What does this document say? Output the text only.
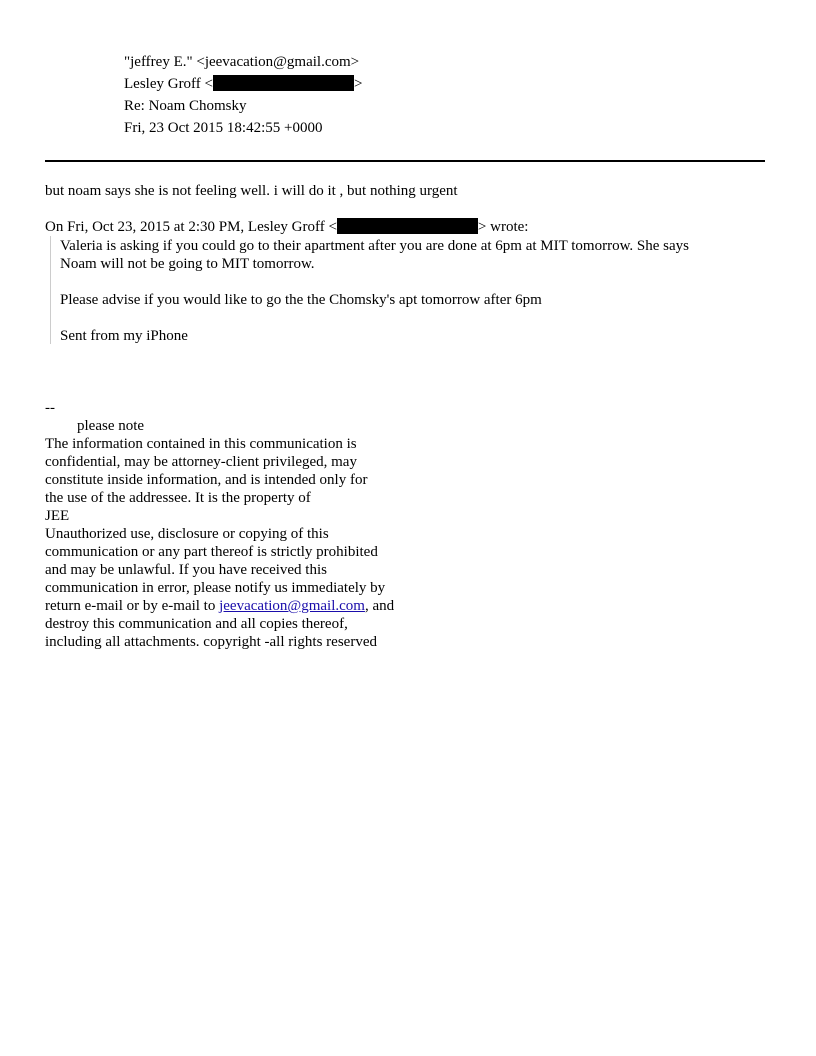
"jeffrey E." <jeevacation@gmail.com>
Lesley Groff <	>
Re: Noam Chomsky
Fri, 23 Oct 2015 18:42:55 +0000
but noam says she is not feeling well. i will do it , but nothing urgent
On Fri, Oct 23, 2015 at 2:30 PM, Lesley Groff <	> wrote:
Valeria is asking if you could go to their apartment after you are done at 6pm at MIT tomorrow. She says
Noam will not be going to MIT tomorrow.
Please advise if you would like to go the the Chomsky's apt tomorrow after 6pm
Sent from my iPhone
--
please note
The information contained in this communication is
confidential, may be attorney-client privileged, may
constitute inside information, and is intended only for
the use of the addressee. It is the property of
JEE
Unauthorized use, disclosure or copying of this
communication or any part thereof is strictly prohibited
and may be unlawful. If you have received this
communication in error, please notify us immediately by
return e-mail or by e-mail to jeevacation@gmail.com, and
destroy this communication and all copies thereof,
including all attachments. copyright -all rights reserved
